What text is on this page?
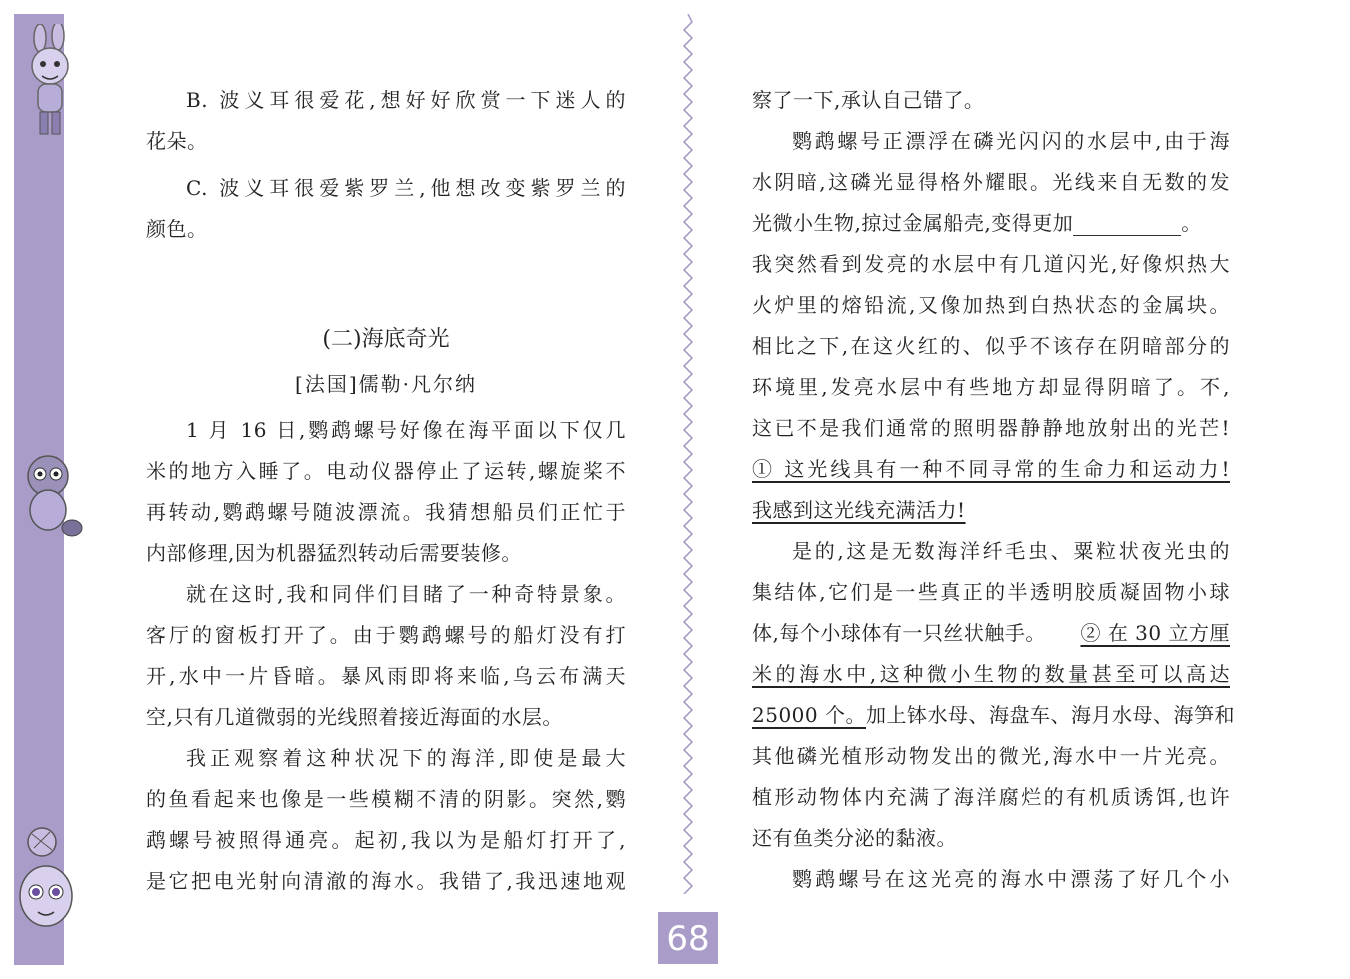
B. 波义耳很爱花,想好好欣赏一下迷人的
花朵。
C. 波义耳很爱紫罗兰,他想改变紫罗兰的
颜色。
(二)海底奇光
[法国]儒勒·凡尔纳
1 月 16 日,鹦鹉螺号好像在海平面以下仅几
米的地方入睡了。电动仪器停止了运转,螺旋桨不
再转动,鹦鹉螺号随波漂流。我猜想船员们正忙于
内部修理,因为机器猛烈转动后需要装修。
就在这时,我和同伴们目睹了一种奇特景象。
客厅的窗板打开了。由于鹦鹉螺号的船灯没有打
开,水中一片昏暗。暴风雨即将来临,乌云布满天
空,只有几道微弱的光线照着接近海面的水层。
我正观察着这种状况下的海洋,即使是最大
的鱼看起来也像是一些模糊不清的阴影。突然,鹦
鹉螺号被照得通亮。起初,我以为是船灯打开了,
是它把电光射向清澈的海水。我错了,我迅速地观
察了一下,承认自己错了。
鹦鹉螺号正漂浮在磷光闪闪的水层中,由于海
水阴暗,这磷光显得格外耀眼。光线来自无数的发
光微小生物,掠过金属船壳,变得更加	。
我突然看到发亮的水层中有几道闪光,好像炽热大
火炉里的熔铅流,又像加热到白热状态的金属块。
相比之下,在这火红的、似乎不该存在阴暗部分的
环境里,发亮水层中有些地方却显得阴暗了。不,
这已不是我们通常的照明器静静地放射出的光芒!
① 这光线具有一种不同寻常的生命力和运动力!
我感到这光线充满活力!
是的,这是无数海洋纤毛虫、粟粒状夜光虫的
集结体,它们是一些真正的半透明胶质凝固物小球
体,每个小球体有一只丝状触手。 ② 在 30 立方厘
米的海水中,这种微小生物的数量甚至可以高达
25000 个。 加上钵水母、海盘车、海月水母、海笋和
其他磷光植形动物发出的微光,海水中一片光亮。
植形动物体内充满了海洋腐烂的有机质诱饵,也许
还有鱼类分泌的黏液。
鹦鹉螺号在这光亮的海水中漂荡了好几个小
68
